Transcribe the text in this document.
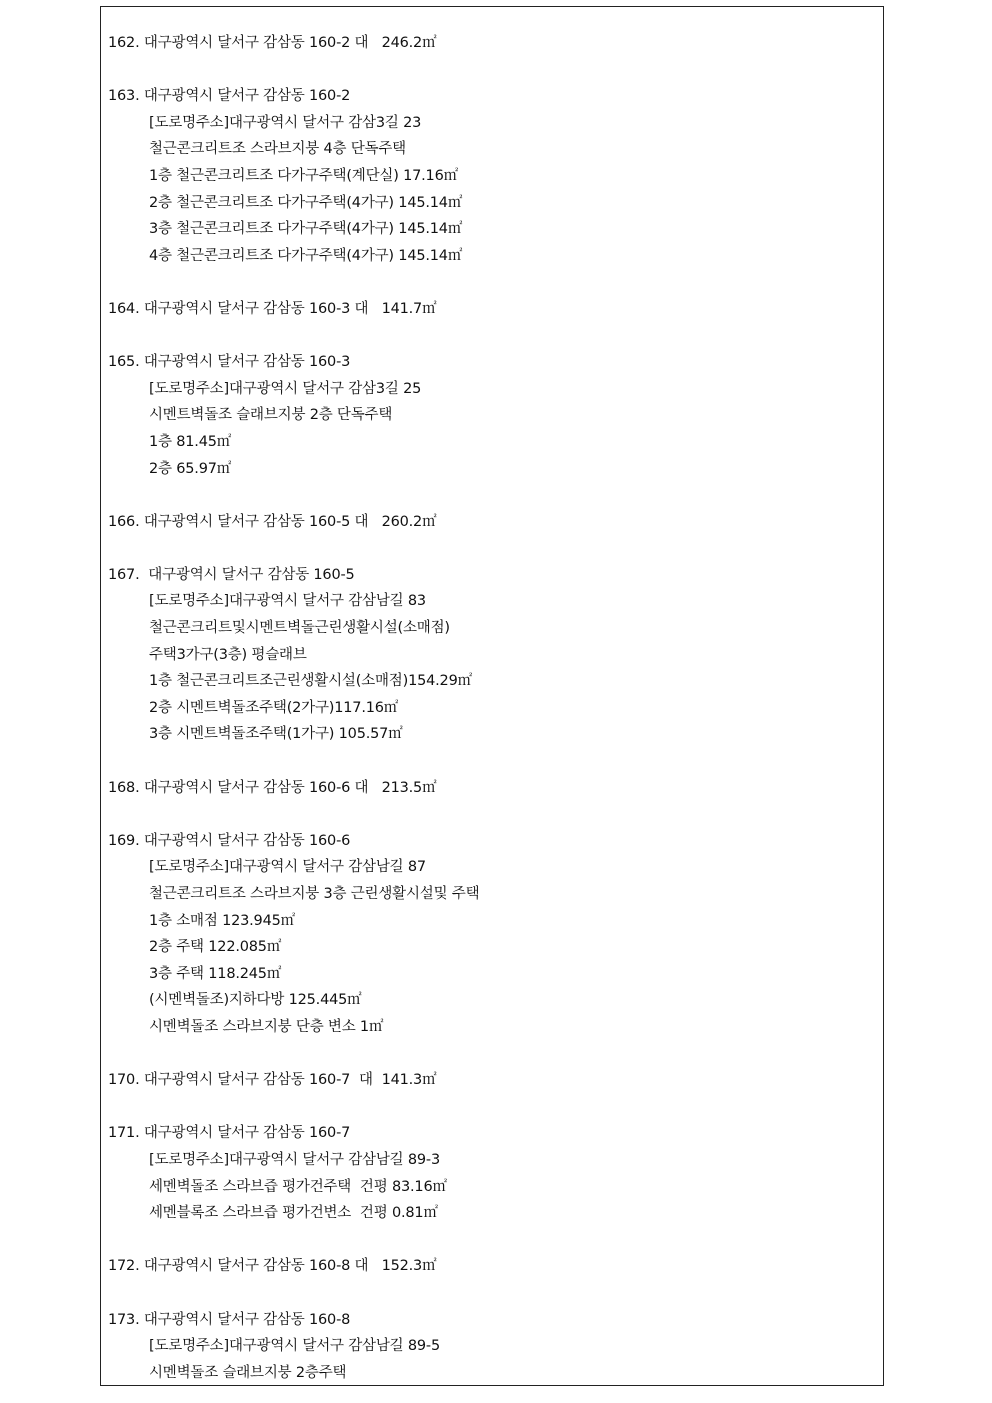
162. 대구광역시 달서구 감삼동 160-2 대   246.2㎡
163. 대구광역시 달서구 감삼동 160-2
[도로명주소]대구광역시 달서구 감삼3길 23
철근콘크리트조 스라브지붕 4층 단독주택
1층 철근콘크리트조 다가구주택(계단실) 17.16㎡
2층 철근콘크리트조 다가구주택(4가구) 145.14㎡
3층 철근콘크리트조 다가구주택(4가구) 145.14㎡
4층 철근콘크리트조 다가구주택(4가구) 145.14㎡
164. 대구광역시 달서구 감삼동 160-3 대   141.7㎡
165. 대구광역시 달서구 감삼동 160-3
[도로명주소]대구광역시 달서구 감삼3길 25
시멘트벽돌조 슬래브지붕 2층 단독주택
1층 81.45㎡
2층 65.97㎡
166. 대구광역시 달서구 감삼동 160-5 대   260.2㎡
167.  대구광역시 달서구 감삼동 160-5
[도로명주소]대구광역시 달서구 감삼남길 83
철근콘크리트및시멘트벽돌근린생활시설(소매점)
주택3가구(3층) 평슬래브
1층 철근콘크리트조근린생활시설(소매점)154.29㎡
2층 시멘트벽돌조주택(2가구)117.16㎡
3층 시멘트벽돌조주택(1가구) 105.57㎡
168. 대구광역시 달서구 감삼동 160-6 대   213.5㎡
169. 대구광역시 달서구 감삼동 160-6
[도로명주소]대구광역시 달서구 감삼남길 87
철근콘크리트조 스라브지붕 3층 근린생활시설및 주택
1층 소매점 123.945㎡
2층 주택 122.085㎡
3층 주택 118.245㎡
(시멘벽돌조)지하다방 125.445㎡
시멘벽돌조 스라브지붕 단층 변소 1㎡
170. 대구광역시 달서구 감삼동 160-7  대  141.3㎡
171. 대구광역시 달서구 감삼동 160-7
[도로명주소]대구광역시 달서구 감삼남길 89-3
세멘벽돌조 스라브즙 평가건주택  건평 83.16㎡
세멘블록조 스라브즙 평가건변소  건평 0.81㎡
172. 대구광역시 달서구 감삼동 160-8 대   152.3㎡
173. 대구광역시 달서구 감삼동 160-8
[도로명주소]대구광역시 달서구 감삼남길 89-5
시멘벽돌조 슬래브지붕 2층주택
